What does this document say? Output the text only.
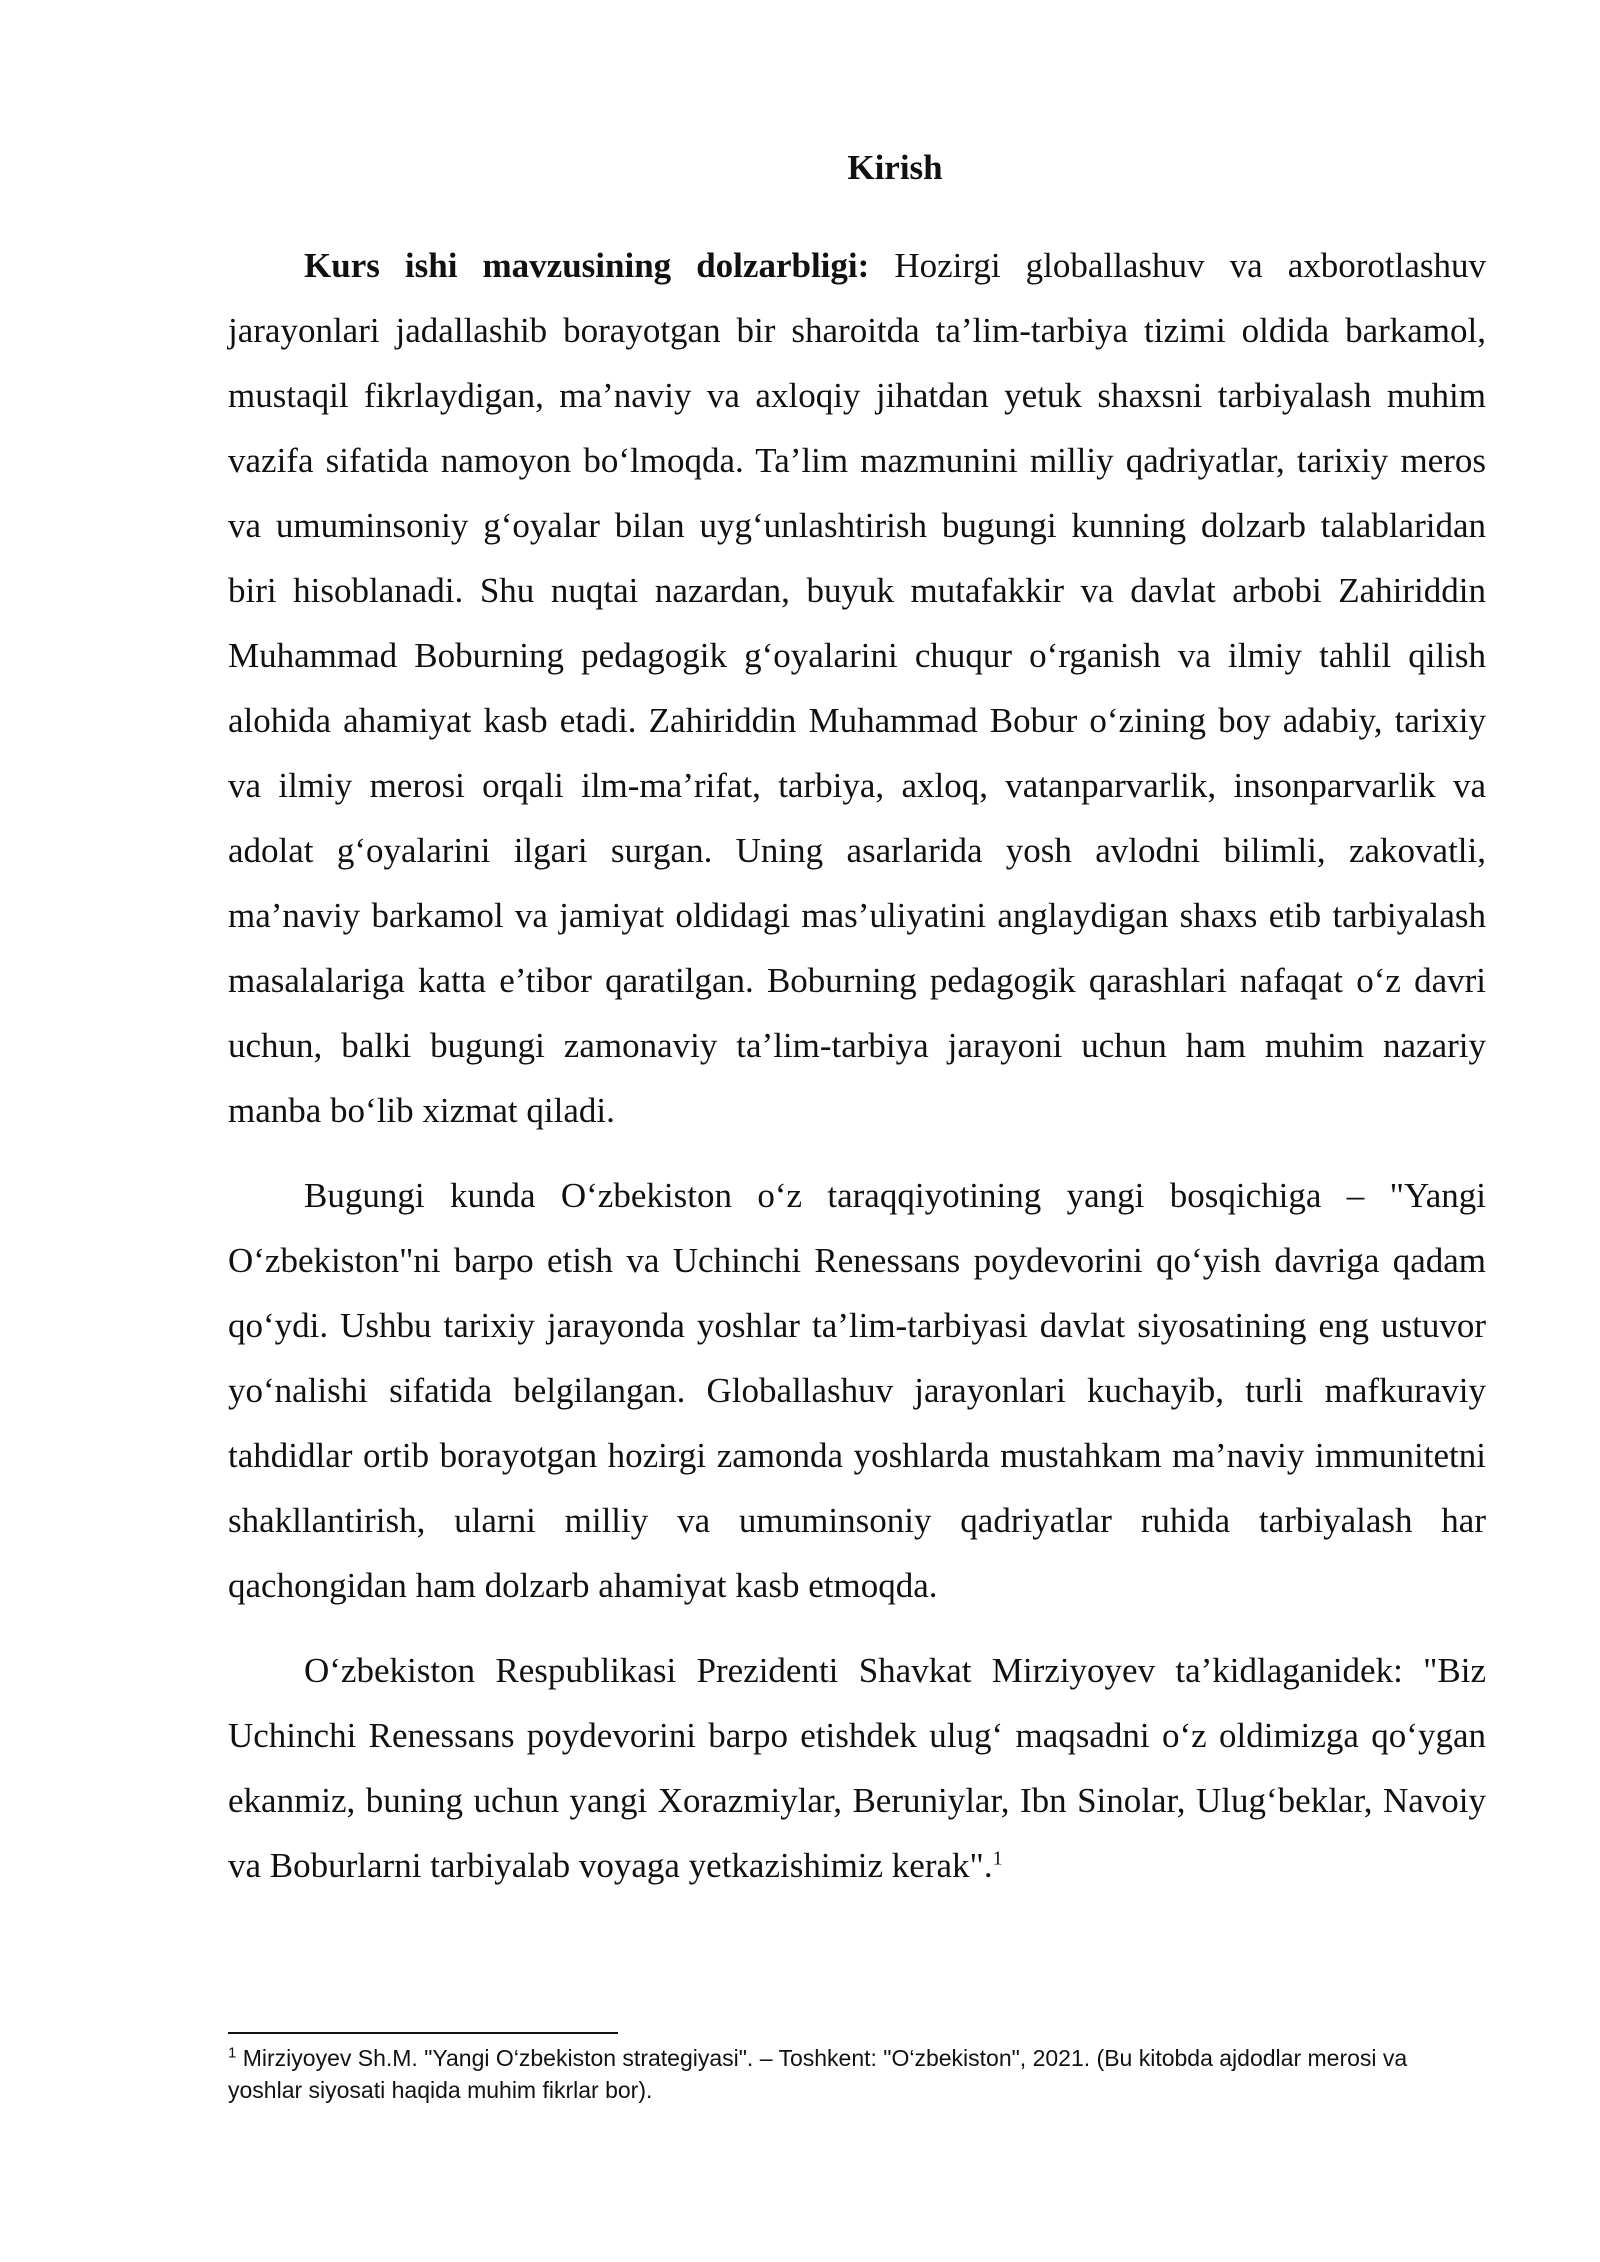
Kirish

Kurs ishi mavzusining dolzarbligi: Hozirgi globallashuv va axborotlashuv jarayonlari jadallashib borayotgan bir sharoitda ta’lim-tarbiya tizimi oldida barkamol, mustaqil fikrlaydigan, ma’naviy va axloqiy jihatdan yetuk shaxsni tarbiyalash muhim vazifa sifatida namoyon bo‘lmoqda. Ta’lim mazmunini milliy qadriyatlar, tarixiy meros va umuminsoniy g‘oyalar bilan uyg‘unlashtirish bugungi kunning dolzarb talablaridan biri hisoblanadi. Shu nuqtai nazardan, buyuk mutafakkir va davlat arbobi Zahiriddin Muhammad Boburning pedagogik g‘oyalarini chuqur o‘rganish va ilmiy tahlil qilish alohida ahamiyat kasb etadi. Zahiriddin Muhammad Bobur o‘zining boy adabiy, tarixiy va ilmiy merosi orqali ilm-ma’rifat, tarbiya, axloq, vatanparvarlik, insonparvarlik va adolat g‘oyalarini ilgari surgan. Uning asarlarida yosh avlodni bilimli, zakovatli, ma’naviy barkamol va jamiyat oldidagi mas’uliyatini anglaydigan shaxs etib tarbiyalash masalalariga katta e’tibor qaratilgan. Boburning pedagogik qarashlari nafaqat o‘z davri uchun, balki bugungi zamonaviy ta’lim-tarbiya jarayoni uchun ham muhim nazariy manba bo‘lib xizmat qiladi.

Bugungi kunda O‘zbekiston o‘z taraqqiyotining yangi bosqichiga – "Yangi O‘zbekiston"ni barpo etish va Uchinchi Renessans poydevorini qo‘yish davriga qadam qo‘ydi. Ushbu tarixiy jarayonda yoshlar ta’lim-tarbiyasi davlat siyosatining eng ustuvor yo‘nalishi sifatida belgilangan. Globallashuv jarayonlari kuchayib, turli mafkuraviy tahdidlar ortib borayotgan hozirgi zamonda yoshlarda mustahkam ma’naviy immunitetni shakllantirish, ularni milliy va umuminsoniy qadriyatlar ruhida tarbiyalash har qachongidan ham dolzarb ahamiyat kasb etmoqda.

O‘zbekiston Respublikasi Prezidenti Shavkat Mirziyoyev ta’kidlaganidek: "Biz Uchinchi Renessans poydevorini barpo etishdek ulug‘ maqsadni o‘z oldimizga qo‘ygan ekanmiz, buning uchun yangi Xorazmiylar, Beruniylar, Ibn Sinolar, Ulug‘beklar, Navoiy va Boburlarni tarbiyalab voyaga yetkazishimiz kerak".$^1$

$^1$ Mirziyoyev Sh.M. "Yangi O‘zbekiston strategiyasi". – Toshkent: "O‘zbekiston", 2021. (Bu kitobda ajdodlar merosi va yoshlar siyosati haqida muhim fikrlar bor).
